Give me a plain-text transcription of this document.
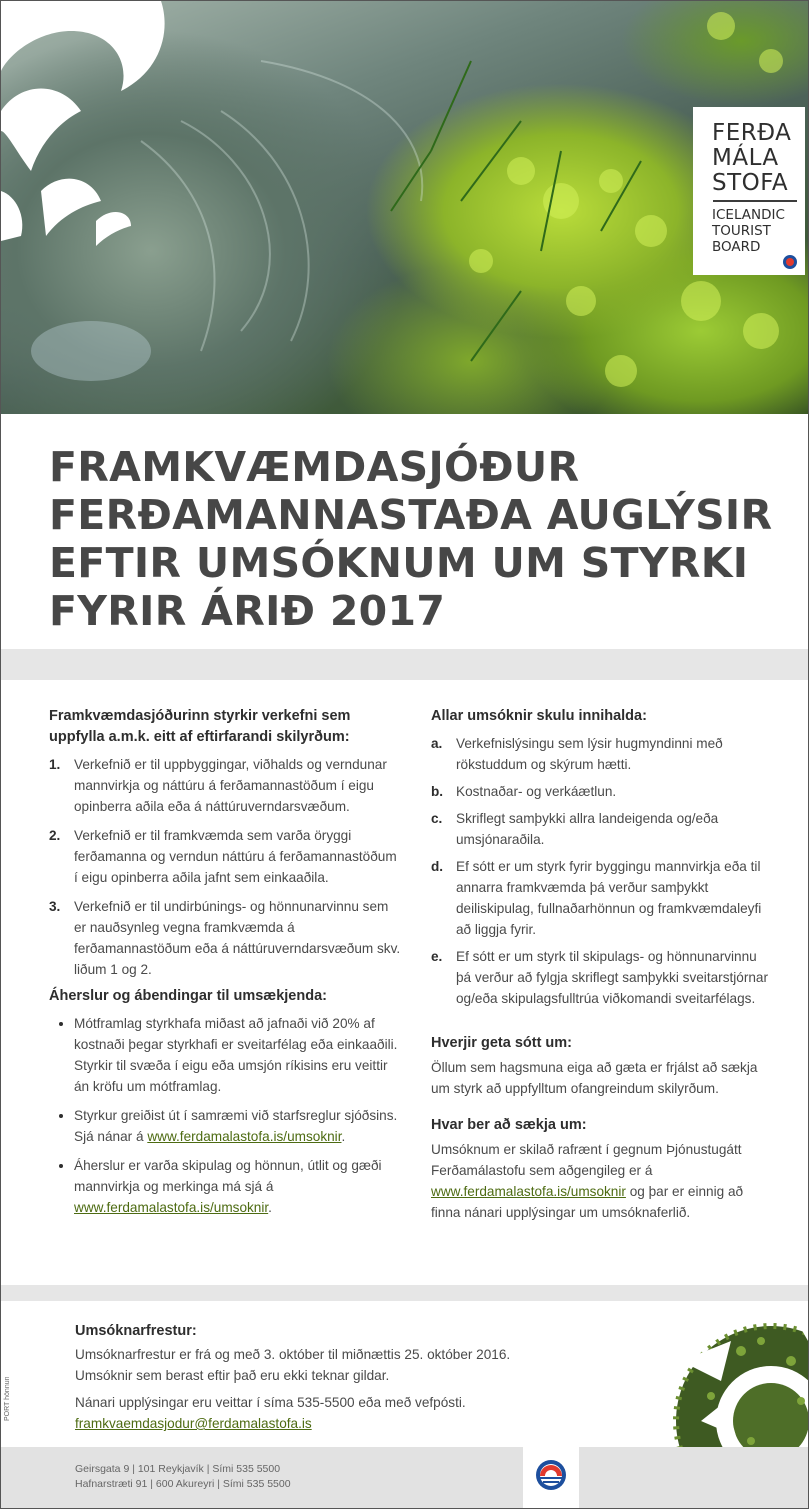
FERÐA
MÁLA
STOFA
ICELANDIC
TOURIST
BOARD
FRAMKVÆMDASJÓÐUR
FERÐAMANNASTAÐA AUGLÝSIR
EFTIR UMSÓKNUM UM STYRKI
FYRIR ÁRIÐ 2017
Framkvæmdasjóðurinn styrkir verkefni sem uppfylla a.m.k. eitt af eftirfarandi skilyrðum:
1. Verkefnið er til uppbyggingar, viðhalds og verndunar mannvirkja og náttúru á ferðamannastöðum í eigu opinberra aðila eða á náttúruverndarsvæðum.
2. Verkefnið er til framkvæmda sem varða öryggi ferðamanna og verndun náttúru á ferðamannastöðum í eigu opinberra aðila jafnt sem einkaaðila.
3. Verkefnið er til undirbúnings- og hönnunarvinnu sem er nauðsynleg vegna framkvæmda á ferðamannastöðum eða á náttúruverndarsvæðum skv. liðum 1 og 2.
Áherslur og ábendingar til umsækjenda:
Mótframlag styrkhafa miðast að jafnaði við 20% af kostnaði þegar styrkhafi er sveitarfélag eða einkaaðili. Styrkir til svæða í eigu eða umsjón ríkisins eru veittir án kröfu um mótframlag.
Styrkur greiðist út í samræmi við starfsreglur sjóðsins. Sjá nánar á www.ferdamalastofa.is/umsoknir.
Áherslur er varða skipulag og hönnun, útlit og gæði mannvirkja og merkinga má sjá á www.ferdamalastofa.is/umsoknir.
Allar umsóknir skulu innihalda:
a. Verkefnislýsingu sem lýsir hugmyndinni með rökstuddum og skýrum hætti.
b. Kostnaðar- og verkáætlun.
c. Skriflegt samþykki allra landeigenda og/eða umsjónaraðila.
d. Ef sótt er um styrk fyrir byggingu mannvirkja eða til annarra framkvæmda þá verður samþykkt deiliskipulag, fullnaðarhönnun og framkvæmdaleyfi að liggja fyrir.
e. Ef sótt er um styrk til skipulags- og hönnunarvinnu þá verður að fylgja skriflegt samþykki sveitarstjórnar og/eða skipulagsfulltrúa viðkomandi sveitarfélags.
Hverjir geta sótt um:
Öllum sem hagsmuna eiga að gæta er frjálst að sækja um styrk að uppfylltum ofangreindum skilyrðum.
Hvar ber að sækja um:
Umsóknum er skilað rafrænt í gegnum Þjónustugátt Ferðamálastofu sem aðgengileg er á www.ferdamalastofa.is/umsoknir og þar er einnig að finna nánari upplýsingar um umsóknaferlið.
Umsóknarfrestur:
Umsóknarfrestur er frá og með 3. október til miðnættis 25. október 2016.
Umsóknir sem berast eftir það eru ekki teknar gildar.
Nánari upplýsingar eru veittar í síma 535-5500 eða með vefpósti.
framkvaemdasjodur@ferdamalastofa.is
PORT hönnun
Geirsgata 9 | 101 Reykjavík | Sími 535 5500
Hafnarstræti 91 | 600 Akureyri | Sími 535 5500
